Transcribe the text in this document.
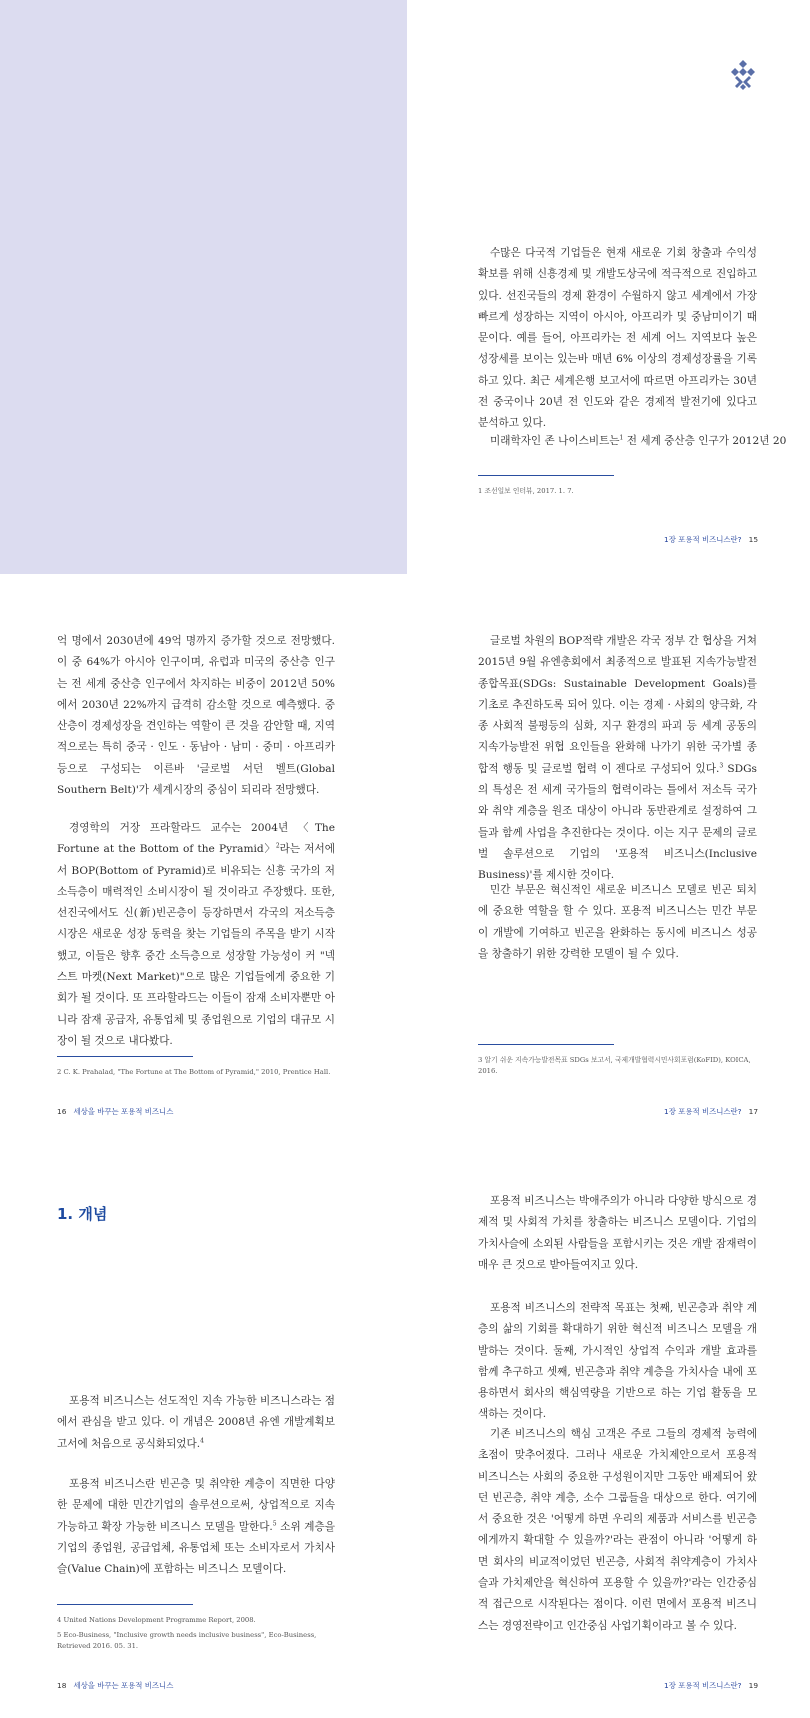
수많은 다국적 기업들은 현재 새로운 기회 창출과 수익성 확보를 위해 신흥경제 및 개발도상국에 적극적으로 진입하고 있다. 선진국들의 경제 환경이 수월하지 않고 세계에서 가장 빠르게 성장하는 지역이 아시아, 아프리카 및 중남미이기 때문이다. 예를 들어, 아프리카는 전 세계 어느 지역보다 높은 성장세를 보이는 있는바 매년 6% 이상의 경제성장률을 기록하고 있다. 최근 세계은행 보고서에 따르면 아프리카는 30년 전 중국이나 20년 전 인도와 같은 경제적 발전기에 있다고 분석하고 있다.

미래학자인 존 나이스비트는$^1$ 전 세계 중산층 인구가 2012년 20

1 조선일보 인터뷰, 2017. 1. 7.

1장 포용적 비즈니스란? 15

억 명에서 2030년에 49억 명까지 증가할 것으로 전망했다. 이 중 64%가 아시아 인구이며, 유럽과 미국의 중산층 인구는 전 세계 중산층 인구에서 차지하는 비중이 2012년 50%에서 2030년 22%까지 급격히 감소할 것으로 예측했다. 중산층이 경제성장을 견인하는 역할이 큰 것을 감안할 때, 지역적으로는 특히 중국 · 인도 · 동남아 · 남미 · 중미 · 아프리카 등으로 구성되는 이른바 '글로벌 서던 벨트(Global Southern Belt)'가 세계시장의 중심이 되리라 전망했다.

경영학의 거장 프라할라드 교수는 2004년 〈The Fortune at the Bottom of the Pyramid〉$^2$라는 저서에서 BOP(Bottom of Pyramid)로 비유되는 신흥 국가의 저소득층이 매력적인 소비시장이 될 것이라고 주장했다. 또한, 선진국에서도 신(新)빈곤층이 등장하면서 각국의 저소득층 시장은 새로운 성장 동력을 찾는 기업들의 주목을 받기 시작했고, 이들은 향후 중간 소득층으로 성장할 가능성이 커 "넥스트 마켓(Next Market)"으로 많은 기업들에게 중요한 기회가 될 것이다. 또 프라할라드는 이들이 잠재 소비자뿐만 아니라 잠재 공급자, 유통업체 및 종업원으로 기업의 대규모 시장이 될 것으로 내다봤다.

2 C. K. Prahalad, "The Fortune at The Bottom of Pyramid," 2010, Prentice Hall.

16 세상을 바꾸는 포용적 비즈니스

글로벌 차원의 BOP적략 개발은 각국 정부 간 협상을 거쳐 2015년 9월 유엔총회에서 최종적으로 발표된 지속가능발전 종합목표(SDGs: Sustainable Development Goals)를 기초로 추진하도록 되어 있다. 이는 경제 · 사회의 양극화, 각종 사회적 불평등의 심화, 지구 환경의 파괴 등 세계 공동의 지속가능발전 위협 요인들을 완화해 나가기 위한 국가별 종합적 행동 및 글로벌 협력 이 젠다로 구성되어 있다.$^3$ SDGs의 특성은 전 세계 국가들의 협력이라는 틀에서 저소득 국가와 취약 계층을 원조 대상이 아니라 동반관계로 설정하여 그들과 함께 사업을 추진한다는 것이다. 이는 지구 문제의 글로벌 솔루션으로 기업의 '포용적 비즈니스(Inclusive Business)'를 제시한 것이다.

민간 부문은 혁신적인 새로운 비즈니스 모델로 빈곤 퇴치에 중요한 역할을 할 수 있다. 포용적 비즈니스는 민간 부문이 개발에 기여하고 빈곤을 완화하는 동시에 비즈니스 성공을 창출하기 위한 강력한 모델이 될 수 있다.

3 알기 쉬운 지속가능발전목표 SDGs 보고서, 국제개발협력시민사회포럼(KoFID), KOICA, 2016.

1장 포용적 비즈니스란? 17
1. 개념

포용적 비즈니스는 선도적인 지속 가능한 비즈니스라는 점에서 관심을 받고 있다. 이 개념은 2008년 유엔 개발계획보고서에 처음으로 공식화되었다.$^4$

포용적 비즈니스란 빈곤층 및 취약한 계층이 직면한 다양한 문제에 대한 민간기업의 솔루션으로써, 상업적으로 지속 가능하고 확장 가능한 비즈니스 모델을 말한다.$^5$ 소위 계층을 기업의 종업원, 공급업체, 유통업체 또는 소비자로서 가치사슬(Value Chain)에 포함하는 비즈니스 모델이다.

4 United Nations Development Programme Report, 2008.

5 Eco-Business, "Inclusive growth needs inclusive business", Eco-Business, Retrieved 2016. 05. 31.

18 세상을 바꾸는 포용적 비즈니스

포용적 비즈니스는 박애주의가 아니라 다양한 방식으로 경제적 및 사회적 가치를 창출하는 비즈니스 모델이다. 기업의 가치사슬에 소외된 사람들을 포함시키는 것은 개발 잠재력이 매우 큰 것으로 받아들여지고 있다.

포용적 비즈니스의 전략적 목표는 첫째, 빈곤층과 취약 계층의 삶의 기회를 확대하기 위한 혁신적 비즈니스 모델을 개발하는 것이다. 둘째, 가시적인 상업적 수익과 개발 효과를 함께 추구하고 셋째, 빈곤층과 취약 계층을 가치사슬 내에 포용하면서 회사의 핵심역량을 기반으로 하는 기업 활동을 모색하는 것이다.

기존 비즈니스의 핵심 고객은 주로 그들의 경제적 능력에 초점이 맞추어졌다. 그러나 새로운 가치제안으로서 포용적 비즈니스는 사회의 중요한 구성원이지만 그동안 배제되어 왔던 빈곤층, 취약 계층, 소수 그룹들을 대상으로 한다. 여기에서 중요한 것은 '어떻게 하면 우리의 제품과 서비스를 빈곤층에게까지 확대할 수 있을까?'라는 관점이 아니라 '어떻게 하면 회사의 비교적이었던 빈곤층, 사회적 취약계층이 가치사슬과 가치제안을 혁신하여 포용할 수 있을까?'라는 인간중심적 접근으로 시작된다는 점이다. 이런 면에서 포용적 비즈니스는 경영전략이고 인간중심 사업기획이라고 볼 수 있다.

1장 포용적 비즈니스란? 19
